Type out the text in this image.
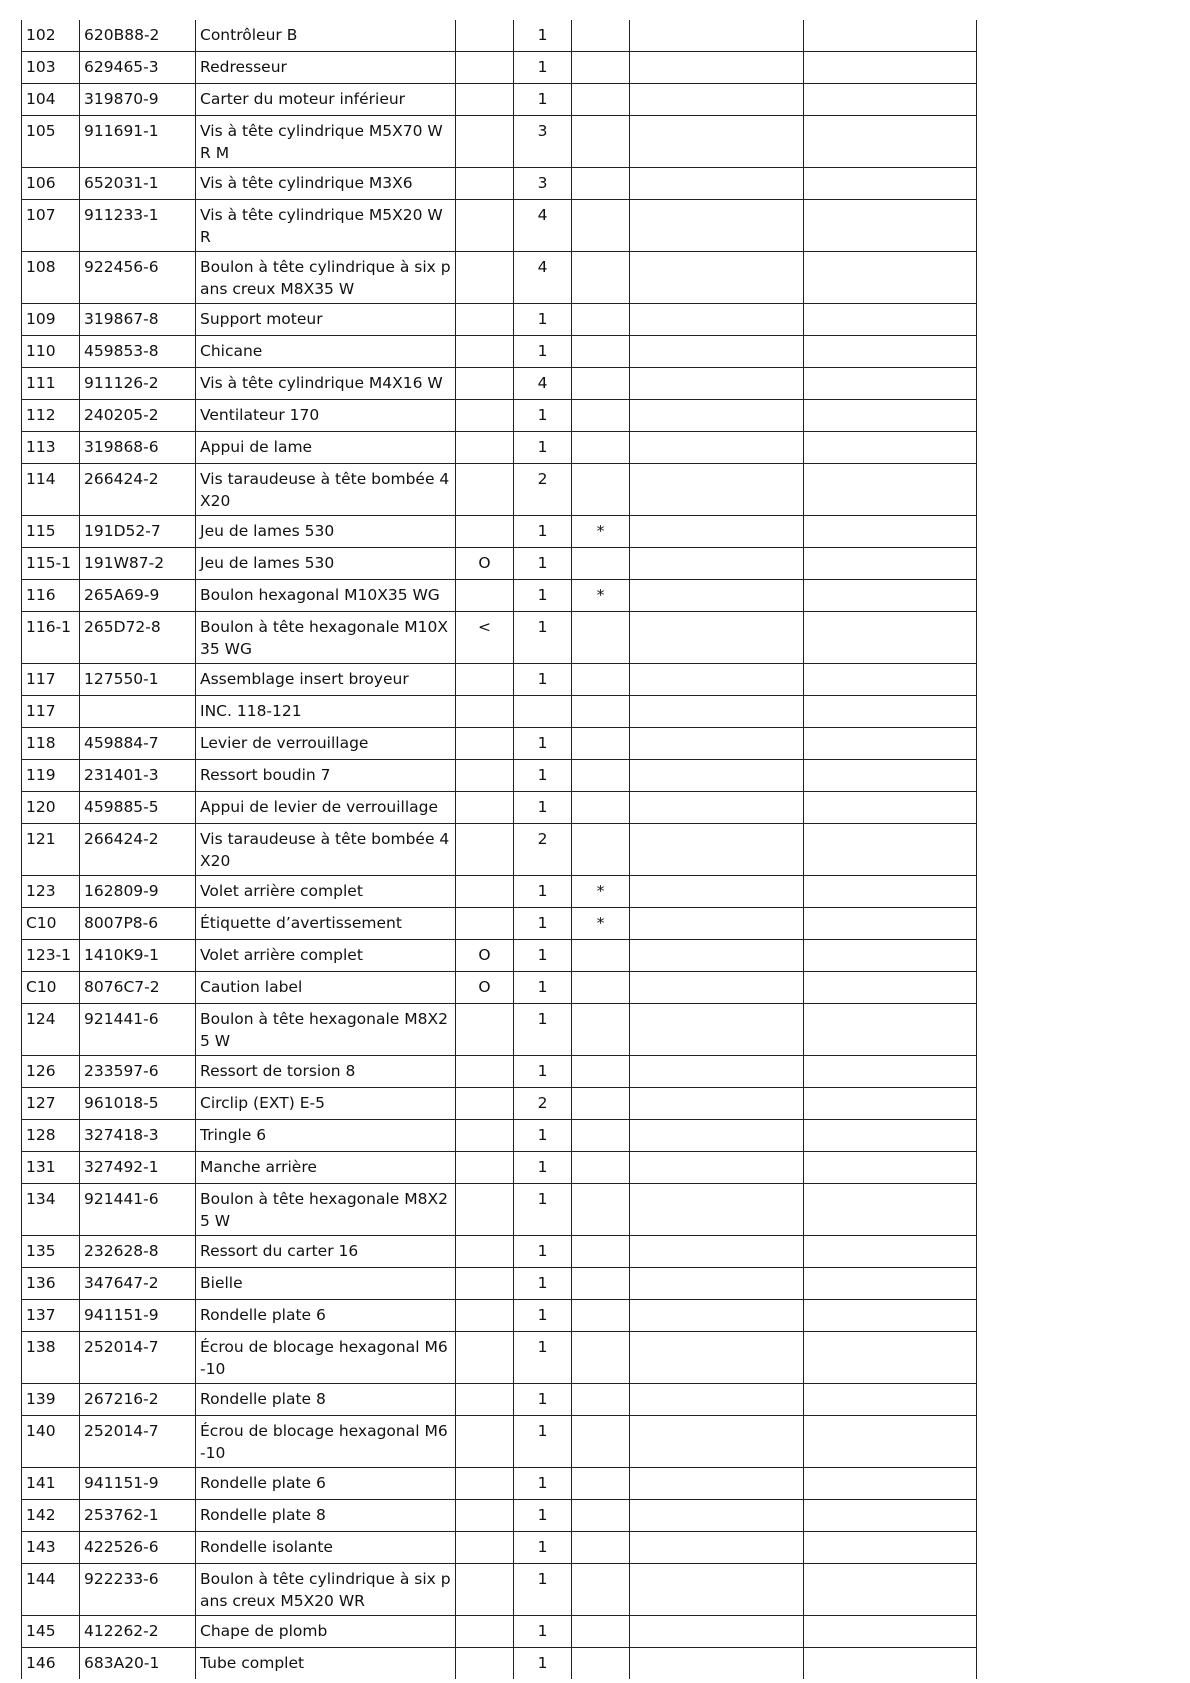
102	620B88-2	Contrôleur B		1			
103	629465-3	Redresseur		1			
104	319870-9	Carter du moteur inférieur		1			
105	911691-1	Vis à tête cylindrique M5X70 WR M		3			
106	652031-1	Vis à tête cylindrique M3X6		3			
107	911233-1	Vis à tête cylindrique M5X20 WR		4			
108	922456-6	Boulon à tête cylindrique à six pans creux M8X35 W		4			
109	319867-8	Support moteur		1			
110	459853-8	Chicane		1			
111	911126-2	Vis à tête cylindrique M4X16 W		4			
112	240205-2	Ventilateur 170		1			
113	319868-6	Appui de lame		1			
114	266424-2	Vis taraudeuse à tête bombée 4X20		2			
115	191D52-7	Jeu de lames 530		1	*		
115-1	191W87-2	Jeu de lames 530	O	1			
116	265A69-9	Boulon hexagonal M10X35 WG		1	*		
116-1	265D72-8	Boulon à tête hexagonale M10X35 WG	<	1			
117	127550-1	Assemblage insert broyeur		1			
117		INC. 118-121					
118	459884-7	Levier de verrouillage		1			
119	231401-3	Ressort boudin 7		1			
120	459885-5	Appui de levier de verrouillage		1			
121	266424-2	Vis taraudeuse à tête bombée 4X20		2			
123	162809-9	Volet arrière complet		1	*		
C10	8007P8-6	Étiquette d’avertissement		1	*		
123-1	1410K9-1	Volet arrière complet	O	1			
C10	8076C7-2	Caution label	O	1			
124	921441-6	Boulon à tête hexagonale M8X25 W		1			
126	233597-6	Ressort de torsion 8		1			
127	961018-5	Circlip (EXT) E-5		2			
128	327418-3	Tringle 6		1			
131	327492-1	Manche arrière		1			
134	921441-6	Boulon à tête hexagonale M8X25 W		1			
135	232628-8	Ressort du carter 16		1			
136	347647-2	Bielle		1			
137	941151-9	Rondelle plate 6		1			
138	252014-7	Écrou de blocage hexagonal M6-10		1			
139	267216-2	Rondelle plate 8		1			
140	252014-7	Écrou de blocage hexagonal M6-10		1			
141	941151-9	Rondelle plate 6		1			
142	253762-1	Rondelle plate 8		1			
143	422526-6	Rondelle isolante		1			
144	922233-6	Boulon à tête cylindrique à six pans creux M5X20 WR		1			
145	412262-2	Chape de plomb		1			
146	683A20-1	Tube complet		1			
